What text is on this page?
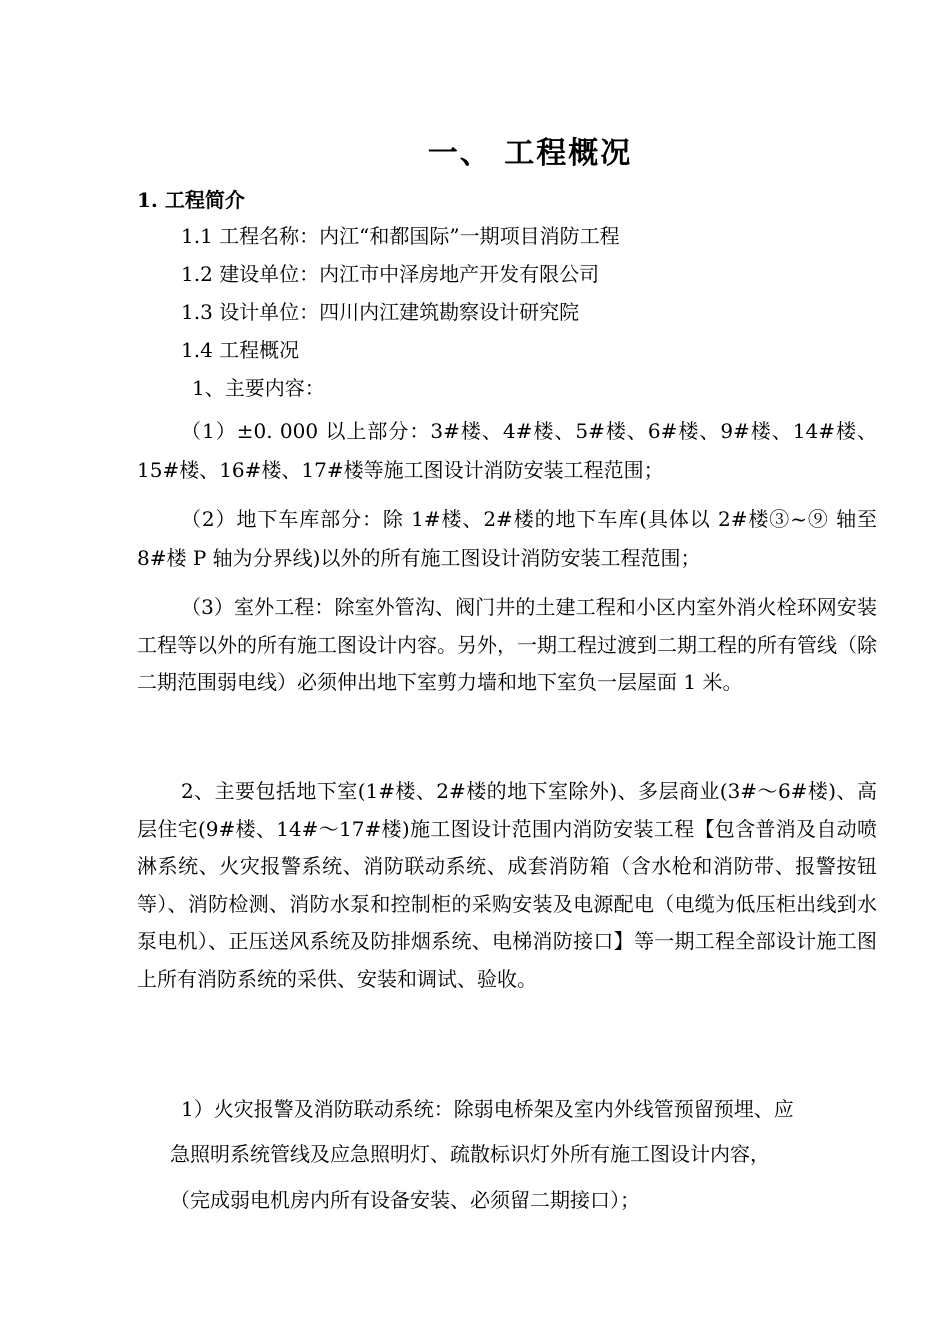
一、 工程概况
1. 工程简介
1.1 工程名称：内江“和都国际”一期项目消防工程
1.2 建设单位：内江市中泽房地产开发有限公司
1.3 设计单位：四川内江建筑勘察设计研究院
1.4 工程概况
1、主要内容：
（1）±0. 000 以上部分：3#楼、4#楼、5#楼、6#楼、9#楼、14#楼、15#楼、16#楼、17#楼等施工图设计消防安装工程范围；
（2）地下车库部分：除 1#楼、2#楼的地下车库(具体以 2#楼③~⑨ 轴至 8#楼 P 轴为分界线)以外的所有施工图设计消防安装工程范围；
（3）室外工程：除室外管沟、阀门井的土建工程和小区内室外消火栓环网安装工程等以外的所有施工图设计内容。另外，一期工程过渡到二期工程的所有管线（除二期范围弱电线）必须伸出地下室剪力墙和地下室负一层屋面 1 米。
2、主要包括地下室(1#楼、2#楼的地下室除外)、多层商业(3#～6#楼)、高层住宅(9#楼、14#～17#楼)施工图设计范围内消防安装工程【包含普消及自动喷淋系统、火灾报警系统、消防联动系统、成套消防箱（含水枪和消防带、报警按钮等）、消防检测、消防水泵和控制柜的采购安装及电源配电（电缆为低压柜出线到水泵电机）、正压送风系统及防排烟系统、电梯消防接口】等一期工程全部设计施工图上所有消防系统的采供、安装和调试、验收。
1）火灾报警及消防联动系统：除弱电桥架及室内外线管预留预埋、应
急照明系统管线及应急照明灯、疏散标识灯外所有施工图设计内容，
（完成弱电机房内所有设备安装、必须留二期接口）；
